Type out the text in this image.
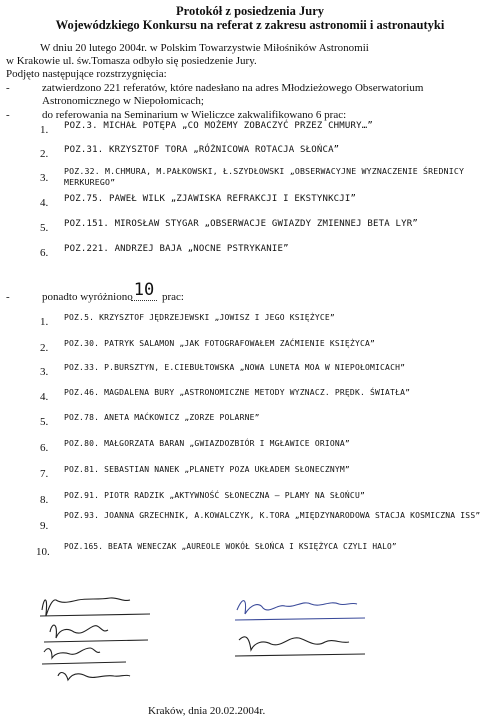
Protokół z posiedzenia Jury
Wojewódzkiego Konkursu na referat z zakresu astronomii i astronautyki
W dniu 20 lutego 2004r. w Polskim Towarzystwie Miłośników Astronomii
w Krakowie ul. św.Tomasza odbyło się posiedzenie Jury.
Podjęto następujące rozstrzygnięcia:
-	zatwierdzono 221 referatów, które nadesłano na adres Młodzieżowego Obserwatorium
Astronomicznego w Niepołomicach;
-	do referowania na Seminarium w Wieliczce zakwalifikowano 6 prac:
1. POZ.3. MICHAŁ POTĘPA „CO MOŻEMY ZOBACZYĆ PRZEZ CHMURY…”
2. POZ.31. KRZYSZTOF TORA „RÓŻNICOWA ROTACJA SŁOŃCA”
3.
POZ.32. M.CHMURA, M.PAŁKOWSKI, Ł.SZYDŁOWSKI „OBSERWACYJNE WYZNACZENIE ŚREDNICY MERKUREGO”
4. POZ.75. PAWEŁ WILK „ZJAWISKA REFRAKCJI I EKSTYNKCJI”
5. POZ.151. MIROSŁAW STYGAR „OBSERWACJE GWIAZDY ZMIENNEJ BETA LYR”
6. POZ.221. ANDRZEJ BAJA „NOCNE PSTRYKANIE”
-	ponadto wyróżniono 10 prac:
1. POZ.5. KRZYSZTOF JĘDRZEJEWSKI „JOWISZ I JEGO KSIĘŻYCE”
2. POZ.30. PATRYK SALAMON „JAK FOTOGRAFOWAŁEM ZAĆMIENIE KSIĘŻYCA”
3. POZ.33. P.BURSZTYN, E.CIEBUŁTOWSKA „NOWA LUNETA MOA W NIEPOŁOMICACH”
4. POZ.46. MAGDALENA BURY „ASTRONOMICZNE METODY WYZNACZ. PRĘDK. ŚWIATŁA”
5. POZ.78. ANETA MAĆKOWICZ „ZORZE POLARNE”
6. POZ.80. MAŁGORZATA BARAN „GWIAZDOZBIÓR I MGŁAWICE ORIONA”
7. POZ.81. SEBASTIAN NANEK „PLANETY POZA UKŁADEM SŁONECZNYM”
8. POZ.91. PIOTR RADZIK „AKTYWNOŚĆ SŁONECZNA – PLAMY NA SŁOŃCU”
9.
POZ.93. JOANNA GRZECHNIK, A.KOWALCZYK, K.TORA „MIĘDZYNARODOWA STACJA KOSMICZNA ISS”
10. POZ.165. BEATA WENECZAK „AUREOLE WOKÓŁ SŁOŃCA I KSIĘŻYCA CZYLI HALO”
Kraków, dnia 20.02.2004r.
